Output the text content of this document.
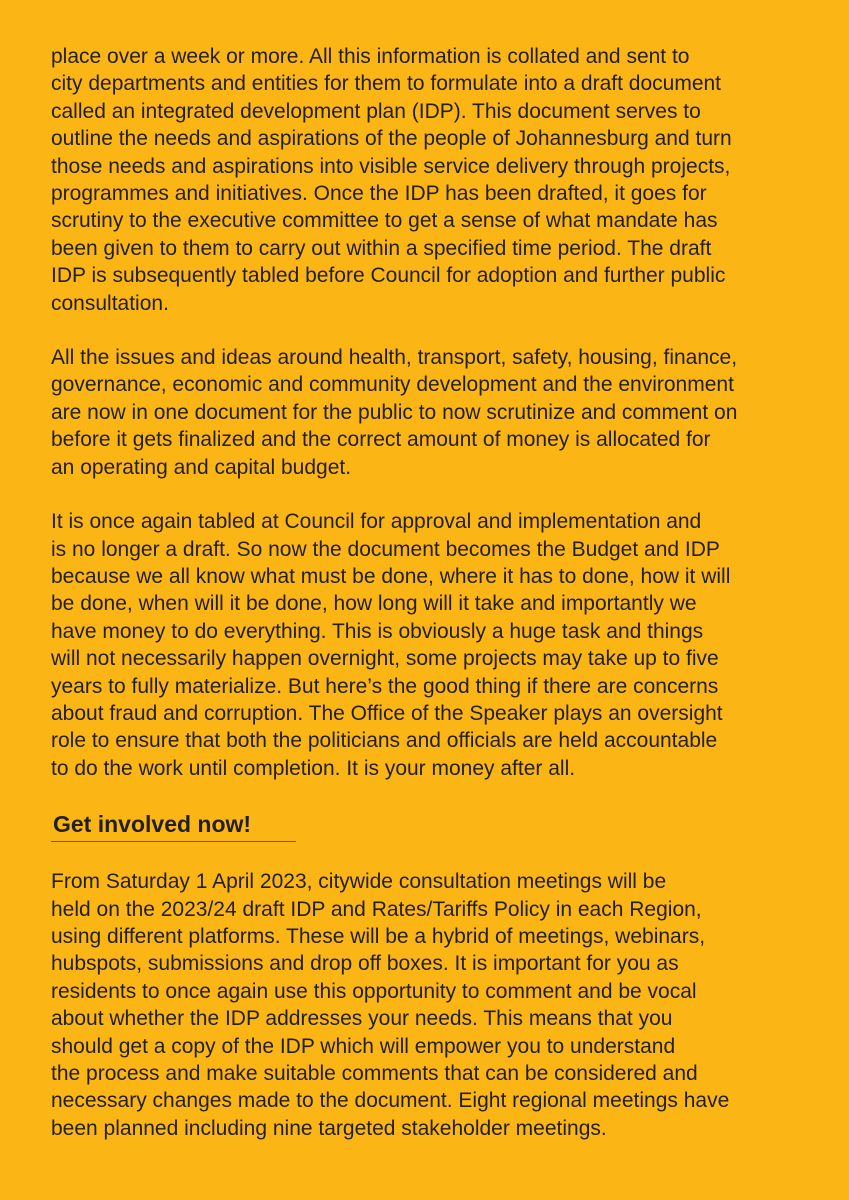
place over a week or more. All this information is collated and sent to
city departments and entities for them to formulate into a draft document
called an integrated development plan (IDP). This document serves to
outline the needs and aspirations of the people of Johannesburg and turn
those needs and aspirations into visible service delivery through projects,
programmes and initiatives. Once the IDP has been drafted, it goes for
scrutiny to the executive committee to get a sense of what mandate has
been given to them to carry out within a specified time period. The draft
IDP is subsequently tabled before Council for adoption and further public
consultation.
All the issues and ideas around health, transport, safety, housing, finance,
governance, economic and community development and the environment
are now in one document for the public to now scrutinize and comment on
before it gets finalized and the correct amount of money is allocated for
an operating and capital budget.
It is once again tabled at Council for approval and implementation and
is no longer a draft. So now the document becomes the Budget and IDP
because we all know what must be done, where it has to done, how it will
be done, when will it be done, how long will it take and importantly we
have money to do everything. This is obviously a huge task and things
will not necessarily happen overnight, some projects may take up to five
years to fully materialize. But here’s the good thing if there are concerns
about fraud and corruption. The Office of the Speaker plays an oversight
role to ensure that both the politicians and officials are held accountable
to do the work until completion. It is your money after all.
Get involved now!
From Saturday 1 April 2023, citywide consultation meetings will be
held on the 2023/24 draft IDP and Rates/Tariffs Policy in each Region,
using different platforms. These will be a hybrid of meetings, webinars,
hubspots, submissions and drop off boxes. It is important for you as
residents to once again use this opportunity to comment and be vocal
about whether the IDP addresses your needs. This means that you
should get a copy of the IDP which will empower you to understand
the process and make suitable comments that can be considered and
necessary changes made to the document. Eight regional meetings have
been planned including nine targeted stakeholder meetings.
